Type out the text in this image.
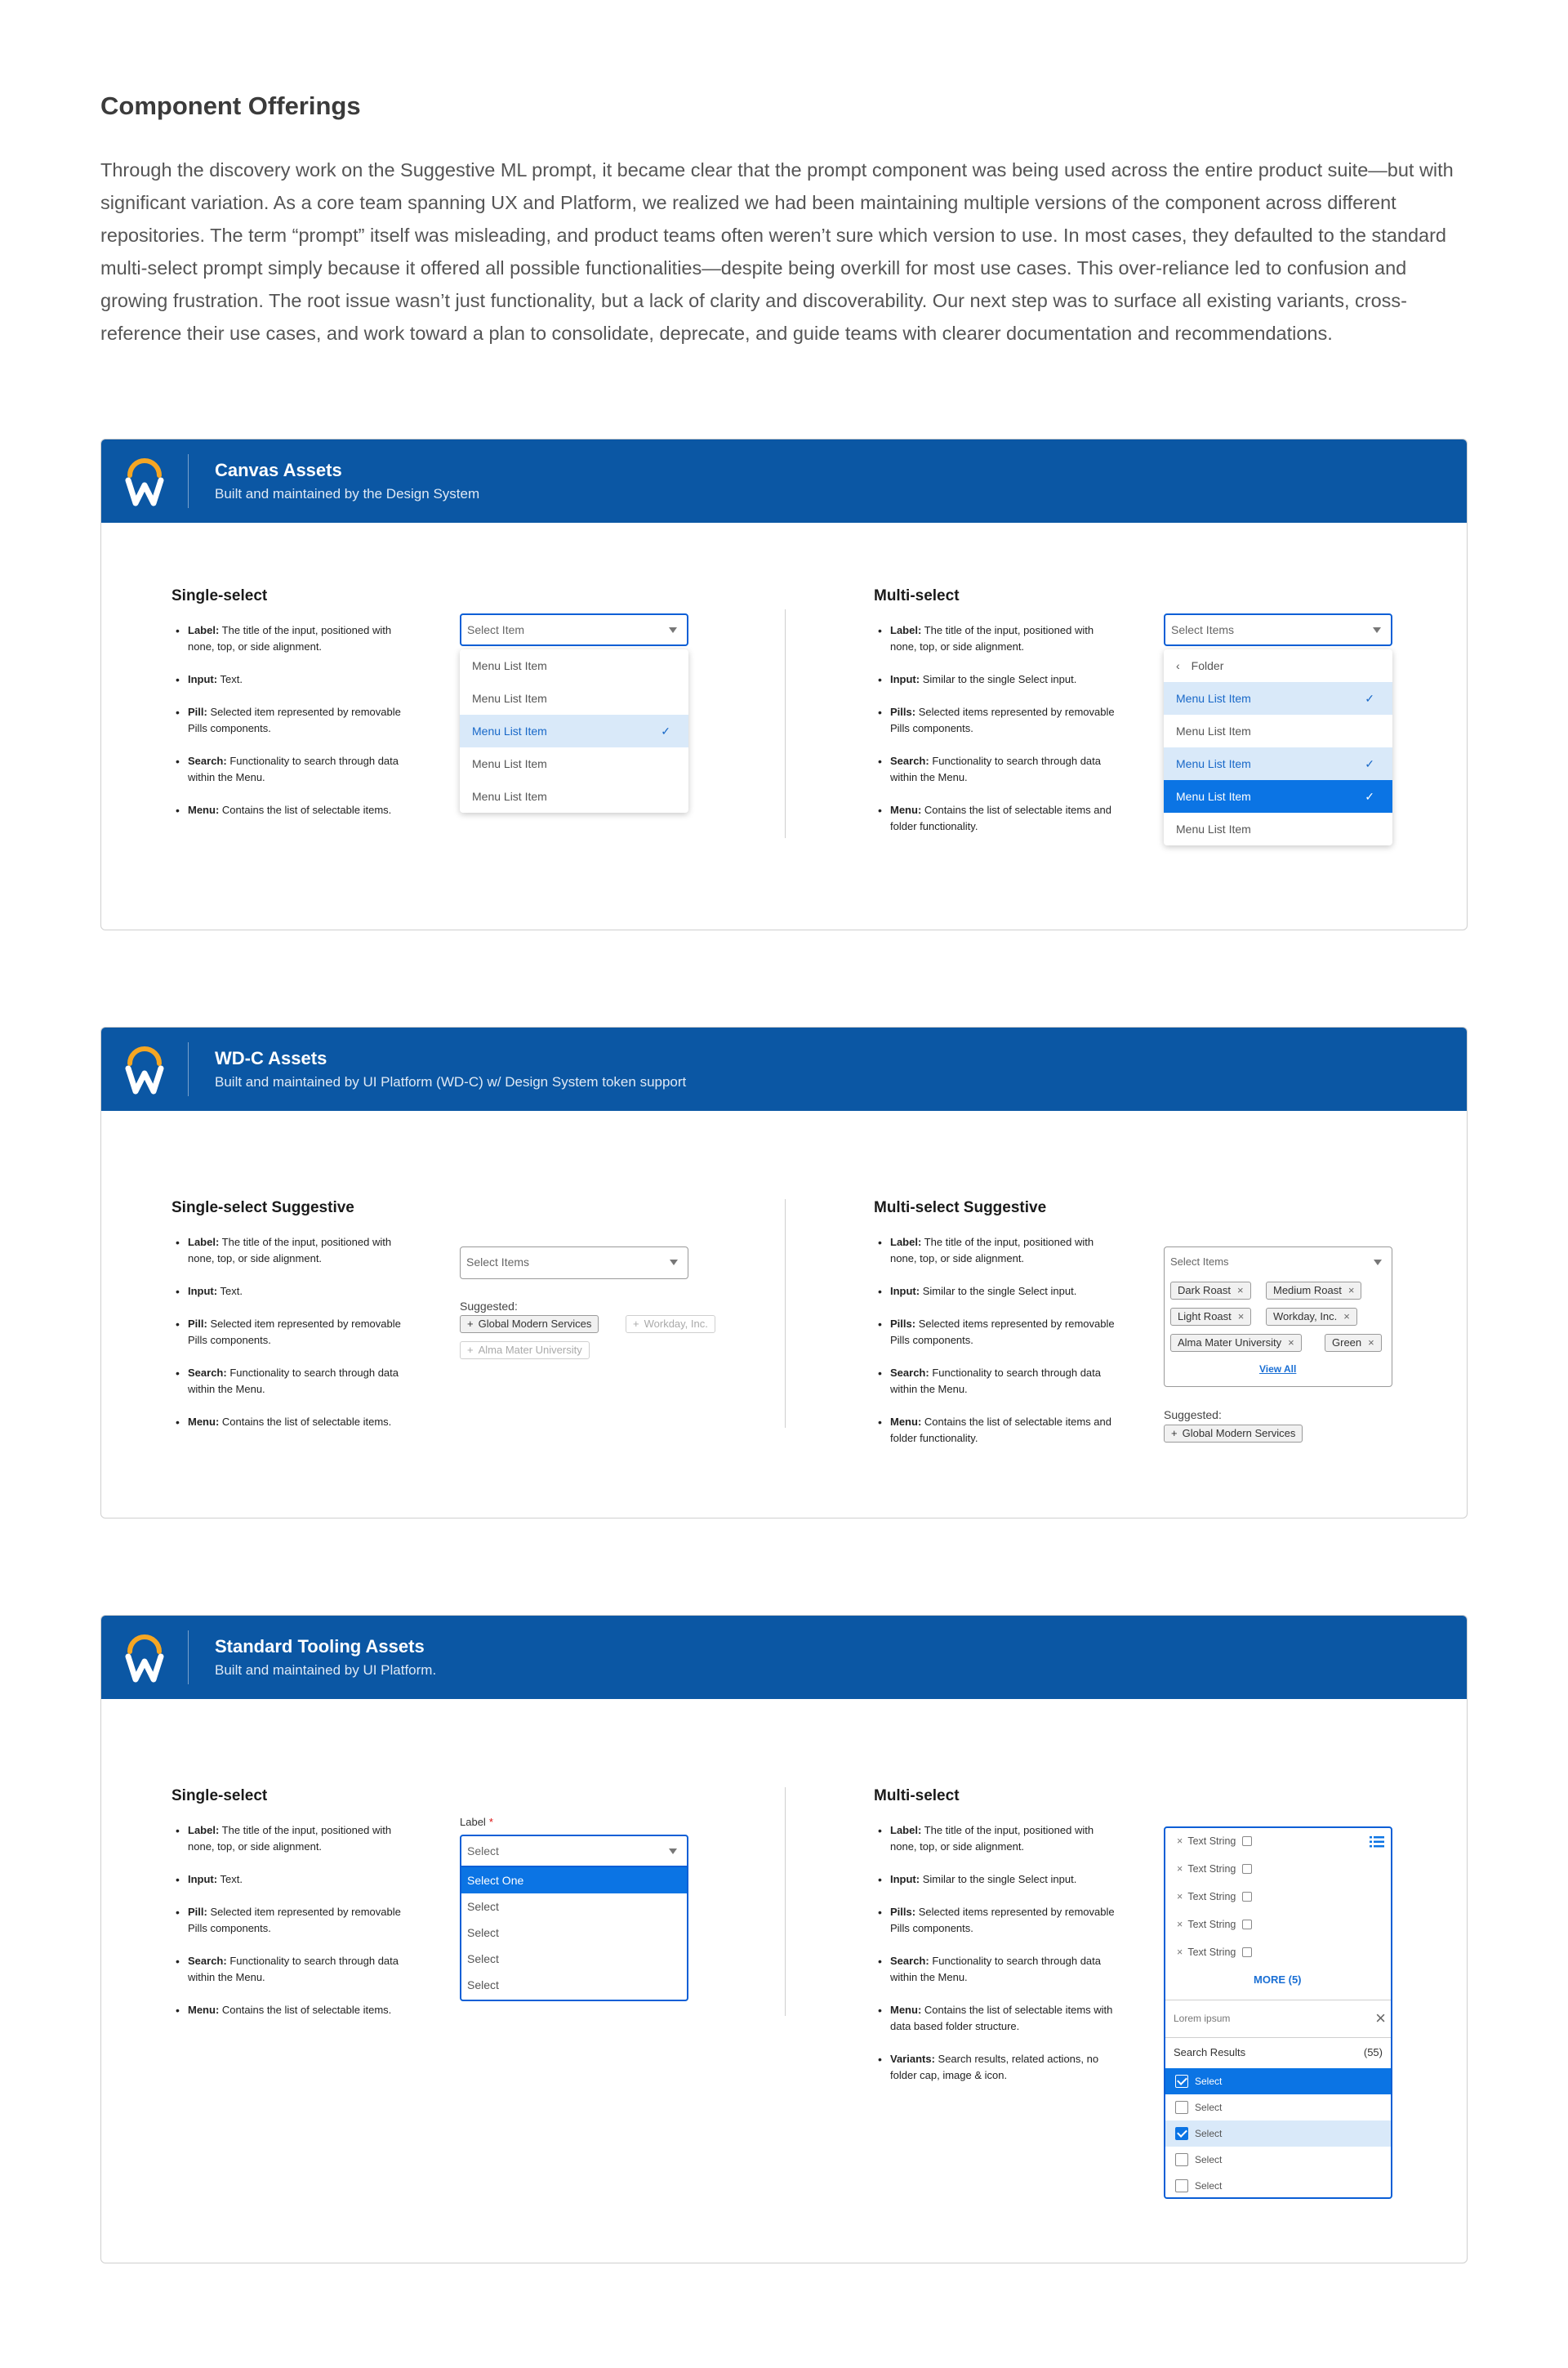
Component Offerings

Through the discovery work on the Suggestive ML prompt, it became clear that the prompt component was being used across the entire product suite—but with significant variation. As a core team spanning UX and Platform, we realized we had been maintaining multiple versions of the component across different repositories. The term “prompt” itself was misleading, and product teams often weren’t sure which version to use. In most cases, they defaulted to the standard multi-select prompt simply because it offered all possible functionalities—despite being overkill for most use cases. This over-reliance led to confusion and growing frustration. The root issue wasn’t just functionality, but a lack of clarity and discoverability. Our next step was to surface all existing variants, cross-reference their use cases, and work toward a plan to consolidate, deprecate, and guide teams with clearer documentation and recommendations.

Canvas Assets
Built and maintained by the Design System
Single-select
• Label: The title of the input, positioned with none, top, or side alignment.
• Input: Text.
• Pill: Selected item represented by removable Pills components.
• Search: Functionality to search through data within the Menu.
• Menu: Contains the list of selectable items.
Select Item
Menu List Item
Menu List Item
Menu List Item	✓
Menu List Item
Menu List Item
Multi-select
• Label: The title of the input, positioned with none, top, or side alignment.
• Input: Similar to the single Select input.
• Pills: Selected items represented by removable Pills components.
• Search: Functionality to search through data within the Menu.
• Menu: Contains the list of selectable items and folder functionality.
Select Items
‹ Folder
Menu List Item	✓
Menu List Item
Menu List Item	✓
Menu List Item	✓
Menu List Item
WD-C Assets
Built and maintained by UI Platform (WD-C) w/ Design System token support
Single-select Suggestive
• Label: The title of the input, positioned with none, top, or side alignment.
• Input: Text.
• Pill: Selected item represented by removable Pills components.
• Search: Functionality to search through data within the Menu.
• Menu: Contains the list of selectable items.
Select Items
Suggested:
+ Global Modern Services	+ Workday, Inc.
+ Alma Mater University
Multi-select Suggestive
• Label: The title of the input, positioned with none, top, or side alignment.
• Input: Similar to the single Select input.
• Pills: Selected items represented by removable Pills components.
• Search: Functionality to search through data within the Menu.
• Menu: Contains the list of selectable items and folder functionality.
Select Items
Dark Roast ×	Medium Roast ×
Light Roast ×	Workday, Inc. ×
Alma Mater University ×	Green ×
View All
Suggested:
+ Global Modern Services
Standard Tooling Assets
Built and maintained by UI Platform.
Single-select
• Label: The title of the input, positioned with none, top, or side alignment.
• Input: Text.
• Pill: Selected item represented by removable Pills components.
• Search: Functionality to search through data within the Menu.
• Menu: Contains the list of selectable items.
Label *
Select
Select One
Select
Select
Select
Select
Multi-select
• Label: The title of the input, positioned with none, top, or side alignment.
• Input: Similar to the single Select input.
• Pills: Selected items represented by removable Pills components.
• Search: Functionality to search through data within the Menu.
• Menu: Contains the list of selectable items with data based folder structure.
• Variants: Search results, related actions, no folder cap, image & icon.
× Text String
× Text String
× Text String
× Text String
× Text String
MORE (5)
Lorem ipsum	×
Search Results	(55)
Select
Select
Select
Select
Select
